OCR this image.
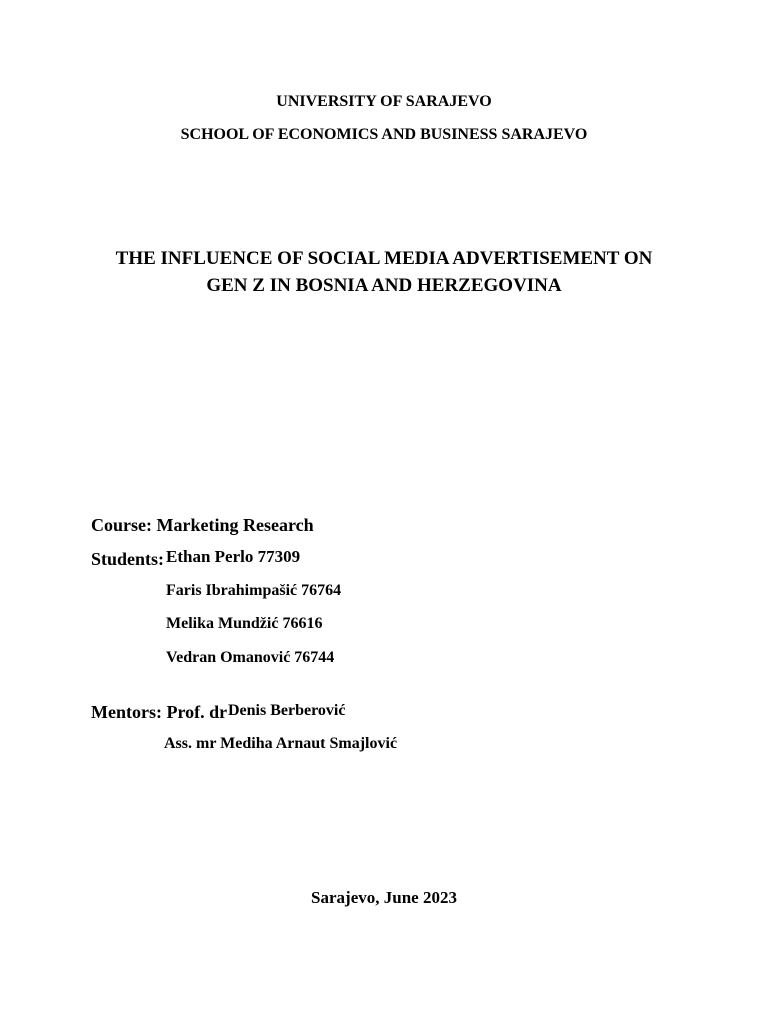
UNIVERSITY OF SARAJEVO
SCHOOL OF ECONOMICS AND BUSINESS SARAJEVO
THE INFLUENCE OF SOCIAL MEDIA ADVERTISEMENT ON
GEN Z IN BOSNIA AND HERZEGOVINA
Course: Marketing Research
Students: Ethan Perlo 77309
Faris Ibrahimpašić 76764
Melika Mundžić 76616
Vedran Omanović 76744
Mentors: Prof. dr Denis Berberović
Ass. mr Mediha Arnaut Smajlović
Sarajevo, June 2023
